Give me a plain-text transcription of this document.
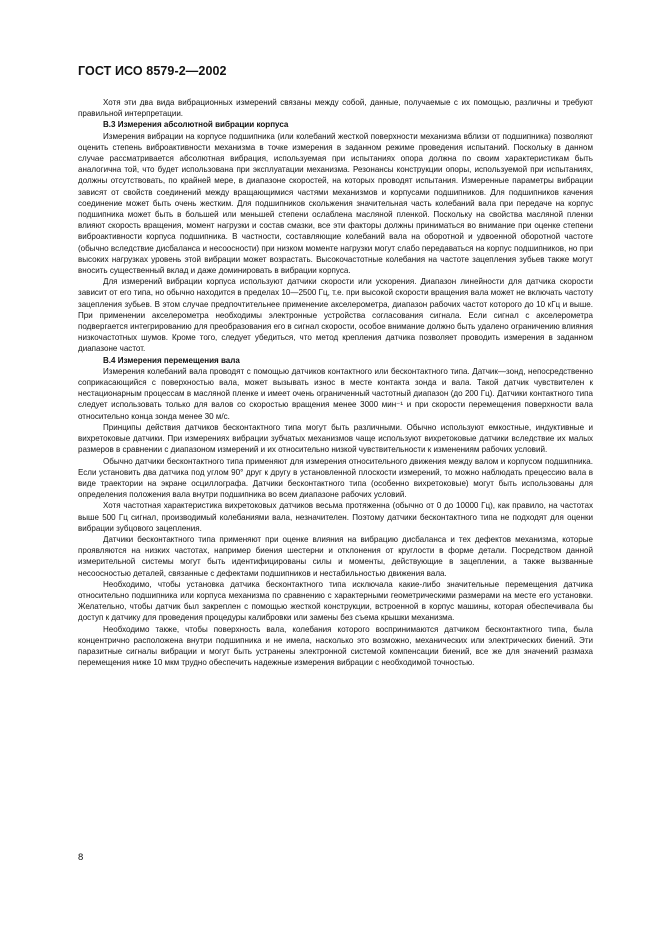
ГОСТ ИСО 8579-2—2002

Хотя эти два вида вибрационных измерений связаны между собой, данные, получаемые с их помощью, различны и требуют правильной интерпретации.

В.3 Измерения абсолютной вибрации корпуса

Измерения вибрации на корпусе подшипника (или колебаний жесткой поверхности механизма вблизи от подшипника) позволяют оценить степень виброактивности механизма в точке измерения в заданном режиме проведения испытаний. Поскольку в данном случае рассматривается абсолютная вибрация, используемая при испытаниях опора должна по своим характеристикам быть аналогична той, что будет использована при эксплуатации механизма. Резонансы конструкции опоры, используемой при испытаниях, должны отсутствовать, по крайней мере, в диапазоне скоростей, на которых проводят испытания. Измеренные параметры вибрации зависят от свойств соединений между вращающимися частями механизмов и корпусами подшипников. Для подшипников качения соединение может быть очень жестким. Для подшипников скольжения значительная часть колебаний вала при передаче на корпус подшипника может быть в большей или меньшей степени ослаблена масляной пленкой. Поскольку на свойства масляной пленки влияют скорость вращения, момент нагрузки и состав смазки, все эти факторы должны приниматься во внимание при оценке степени виброактивности корпуса подшипника. В частности, составляющие колебаний вала на оборотной и удвоенной оборотной частоте (обычно вследствие дисбаланса и несоосности) при низком моменте нагрузки могут слабо передаваться на корпус подшипников, но при высоких нагрузках уровень этой вибрации может возрастать. Высокочастотные колебания на частоте зацепления зубьев также могут вносить существенный вклад и даже доминировать в вибрации корпуса.

Для измерений вибрации корпуса используют датчики скорости или ускорения. Диапазон линейности для датчика скорости зависит от его типа, но обычно находится в пределах 10—2500 Гц, т.е. при высокой скорости вращения вала может не включать частоту зацепления зубьев. В этом случае предпочтительнее применение акселерометра, диапазон рабочих частот которого до 10 кГц и выше. При применении акселерометра необходимы электронные устройства согласования сигнала. Если сигнал с акселерометра подвергается интегрированию для преобразования его в сигнал скорости, особое внимание должно быть удалено ограничению влияния низкочастотных шумов. Кроме того, следует убедиться, что метод крепления датчика позволяет проводить измерения в заданном диапазоне частот.

В.4 Измерения перемещения вала

Измерения колебаний вала проводят с помощью датчиков контактного или бесконтактного типа. Датчик—зонд, непосредственно соприкасающийся с поверхностью вала, может вызывать износ в месте контакта зонда и вала. Такой датчик чувствителен к нестационарным процессам в масляной пленке и имеет очень ограниченный частотный диапазон (до 200 Гц). Датчики контактного типа следует использовать только для валов со скоростью вращения менее 3000 мин⁻¹ и при скорости перемещения поверхности вала относительно конца зонда менее 30 м/с.

Принципы действия датчиков бесконтактного типа могут быть различными. Обычно используют емкостные, индуктивные и вихретоковые датчики. При измерениях вибрации зубчатых механизмов чаще используют вихретоковые датчики вследствие их малых размеров в сравнении с диапазоном измерений и их относительно низкой чувствительности к изменениям рабочих условий.

Обычно датчики бесконтактного типа применяют для измерения относительного движения между валом и корпусом подшипника. Если установить два датчика под углом 90° друг к другу в установленной плоскости измерений, то можно наблюдать прецессию вала в виде траектории на экране осциллографа. Датчики бесконтактного типа (особенно вихретоковые) могут быть использованы для определения положения вала внутри подшипника во всем диапазоне рабочих условий.

Хотя частотная характеристика вихретоковых датчиков весьма протяженна (обычно от 0 до 10000 Гц), как правило, на частотах выше 500 Гц сигнал, производимый колебаниями вала, незначителен. Поэтому датчики бесконтактного типа не подходят для оценки вибрации зубцового зацепления.

Датчики бесконтактного типа применяют при оценке влияния на вибрацию дисбаланса и тех дефектов механизма, которые проявляются на низких частотах, например биения шестерни и отклонения от круглости в форме детали. Посредством данной измерительной системы могут быть идентифицированы силы и моменты, действующие в зацеплении, а также вызванные несоосностью деталей, связанные с дефектами подшипников и нестабильностью движения вала.

Необходимо, чтобы установка датчика бесконтактного типа исключала какие-либо значительные перемещения датчика относительно подшипника или корпуса механизма по сравнению с характерными геометрическими размерами на месте его установки. Желательно, чтобы датчик был закреплен с помощью жесткой конструкции, встроенной в корпус машины, которая обеспечивала бы доступ к датчику для проведения процедуры калибровки или замены без съема крышки механизма.

Необходимо также, чтобы поверхность вала, колебания которого воспринимаются датчиком бесконтактного типа, была концентрично расположена внутри подшипника и не имела, насколько это возможно, механических или электрических биений. Эти паразитные сигналы вибрации и могут быть устранены электронной системой компенсации биений, все же для значений размаха перемещения ниже 10 мкм трудно обеспечить надежные измерения вибрации с необходимой точностью.

8
